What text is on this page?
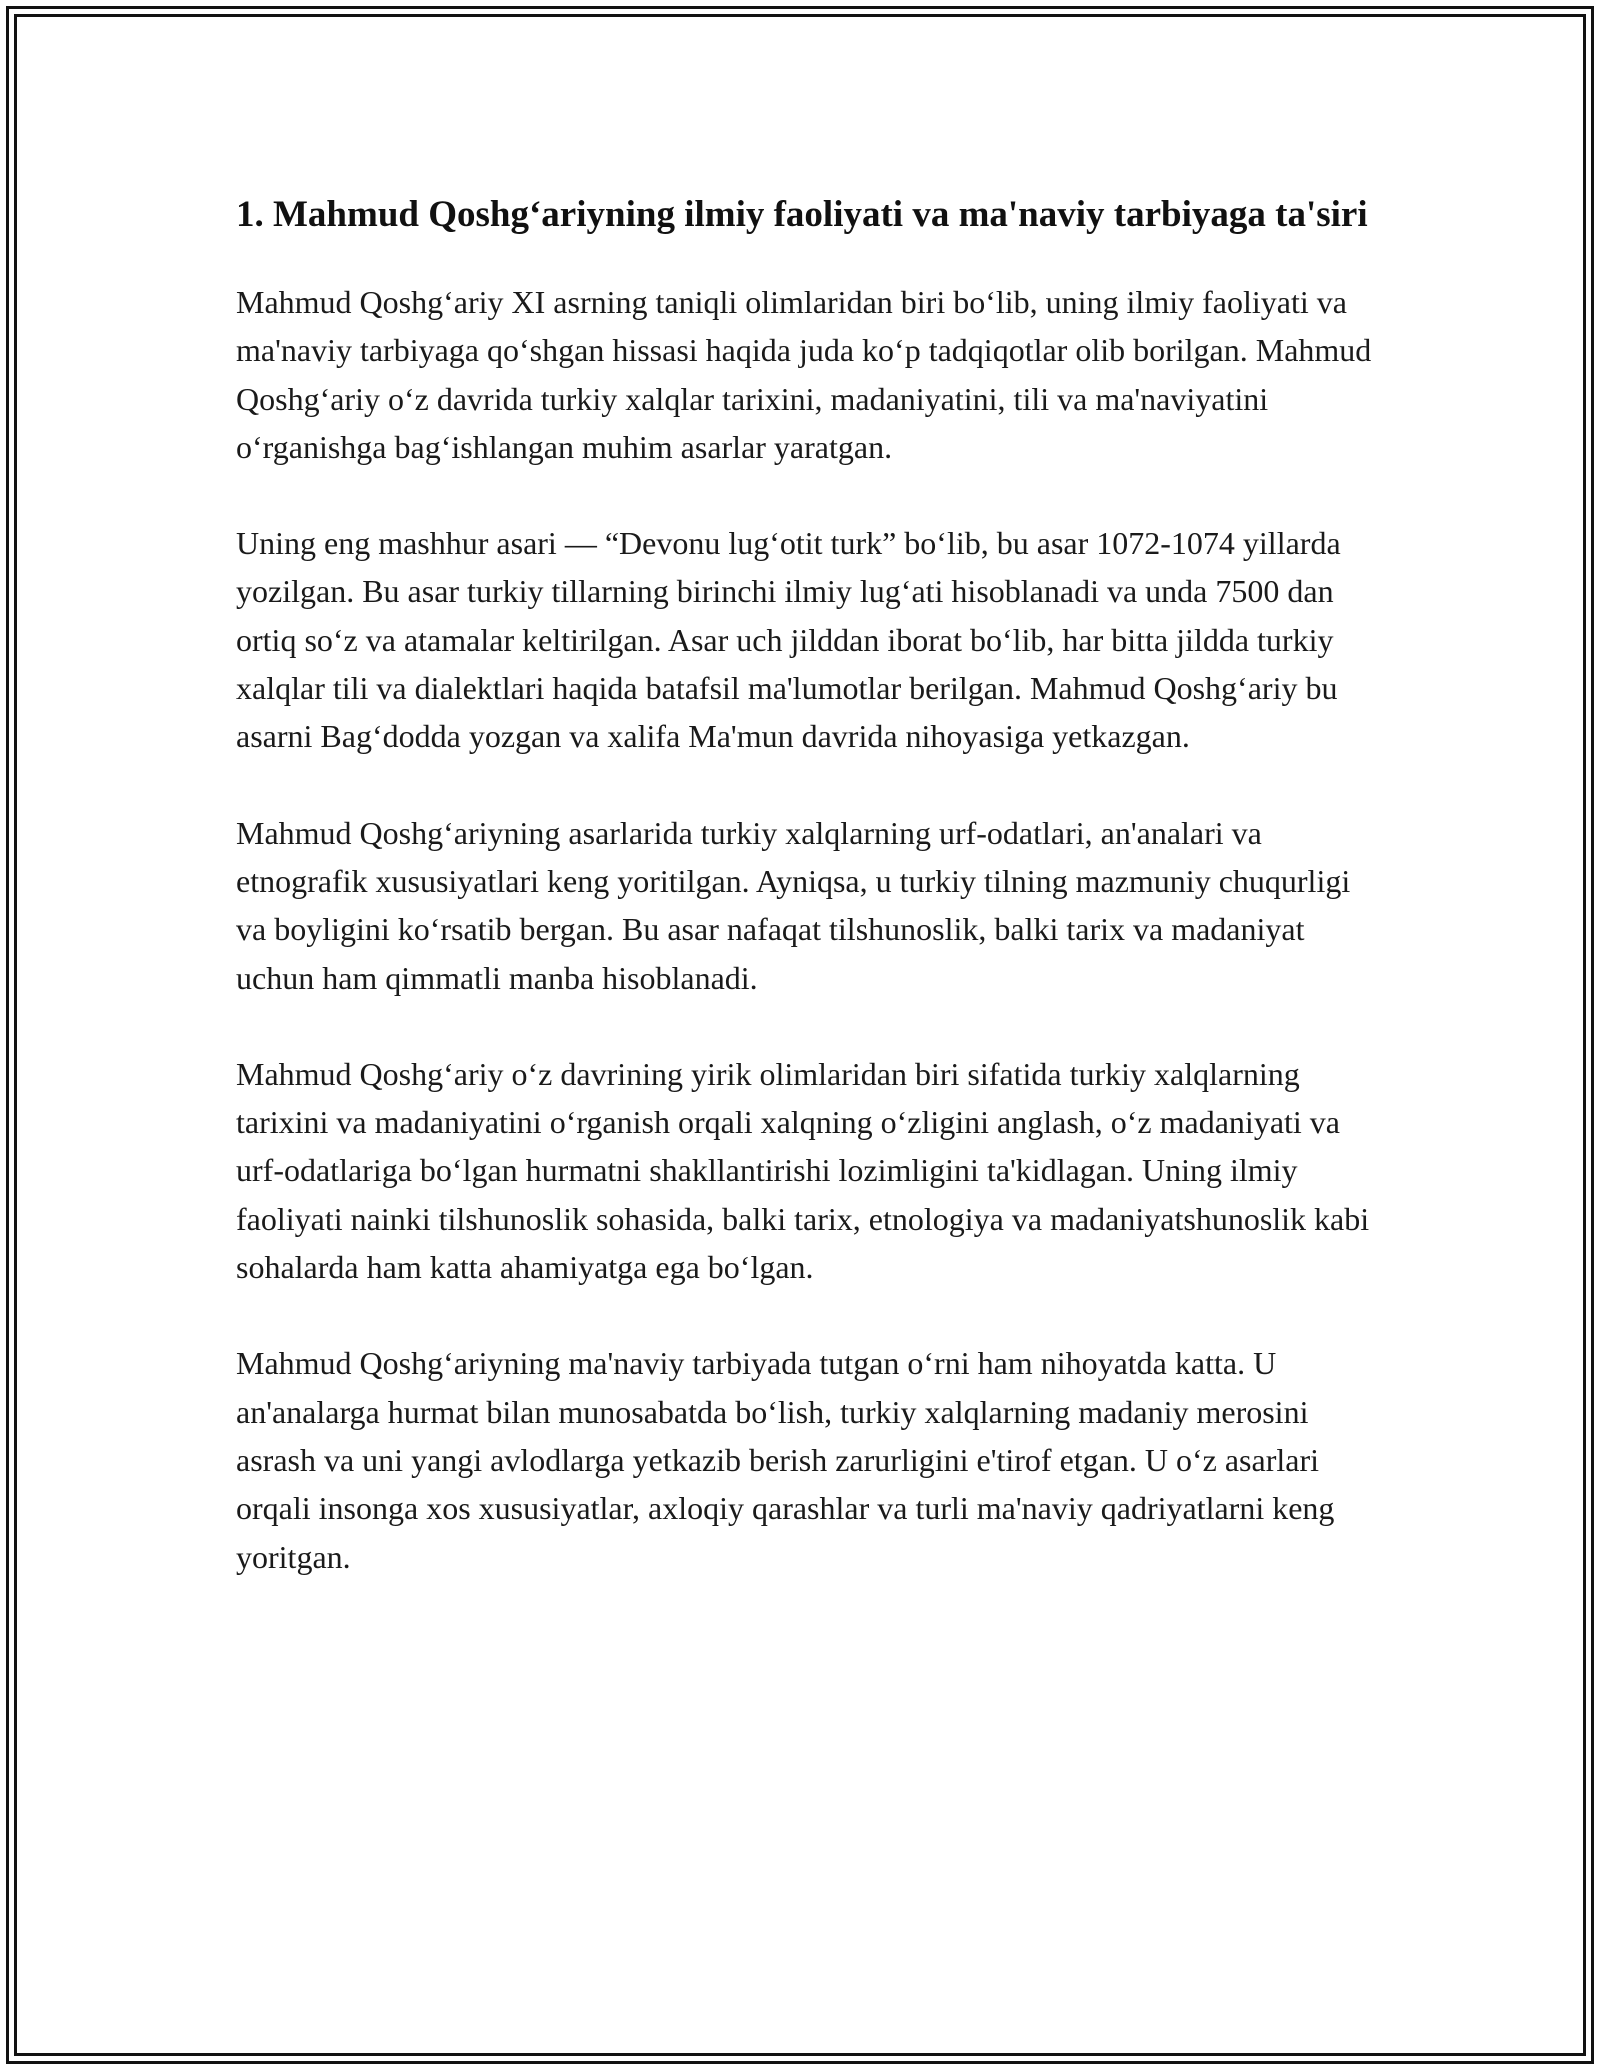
1. Mahmud Qoshg‘ariyning ilmiy faoliyati va ma'naviy tarbiyaga ta'siri

Mahmud Qoshg‘ariy XI asrning taniqli olimlaridan biri bo‘lib, uning ilmiy faoliyati va ma'naviy tarbiyaga qo‘shgan hissasi haqida juda ko‘p tadqiqotlar olib borilgan. Mahmud Qoshg‘ariy o‘z davrida turkiy xalqlar tarixini, madaniyatini, tili va ma'naviyatini o‘rganishga bag‘ishlangan muhim asarlar yaratgan.

Uning eng mashhur asari — “Devonu lug‘otit turk” bo‘lib, bu asar 1072-1074 yillarda yozilgan. Bu asar turkiy tillarning birinchi ilmiy lug‘ati hisoblanadi va unda 7500 dan ortiq so‘z va atamalar keltirilgan. Asar uch jilddan iborat bo‘lib, har bitta jildda turkiy xalqlar tili va dialektlari haqida batafsil ma'lumotlar berilgan. Mahmud Qoshg‘ariy bu asarni Bag‘dodda yozgan va xalifa Ma'mun davrida nihoyasiga yetkazgan.

Mahmud Qoshg‘ariyning asarlarida turkiy xalqlarning urf-odatlari, an'analari va etnografik xususiyatlari keng yoritilgan. Ayniqsa, u turkiy tilning mazmuniy chuqurligi va boyligini ko‘rsatib bergan. Bu asar nafaqat tilshunoslik, balki tarix va madaniyat uchun ham qimmatli manba hisoblanadi.

Mahmud Qoshg‘ariy o‘z davrining yirik olimlaridan biri sifatida turkiy xalqlarning tarixini va madaniyatini o‘rganish orqali xalqning o‘zligini anglash, o‘z madaniyati va urf-odatlariga bo‘lgan hurmatni shakllantirishi lozimligini ta'kidlagan. Uning ilmiy faoliyati nainki tilshunoslik sohasida, balki tarix, etnologiya va madaniyatshunoslik kabi sohalarda ham katta ahamiyatga ega bo‘lgan.

Mahmud Qoshg‘ariyning ma'naviy tarbiyada tutgan o‘rni ham nihoyatda katta. U an'analarga hurmat bilan munosabatda bo‘lish, turkiy xalqlarning madaniy merosini asrash va uni yangi avlodlarga yetkazib berish zarurligini e'tirof etgan. U o‘z asarlari orqali insonga xos xususiyatlar, axloqiy qarashlar va turli ma'naviy qadriyatlarni keng yoritgan.
